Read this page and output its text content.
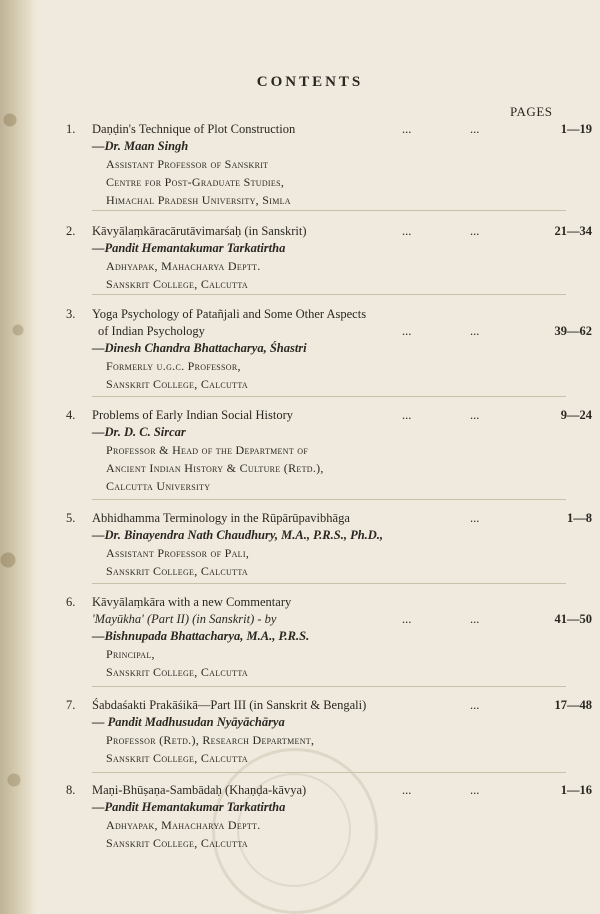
CONTENTS
PAGES
1.	Daṇḍin's Technique of Plot Construction	...	...	1—19
—Dr. Maan Singh
Assistant Professor of Sanskrit
Centre for Post-Graduate Studies,
Himachal Pradesh University, Simla
2.	Kāvyālaṃkāracārutāvimarśaḥ (in Sanskrit)	...	...	21—34
—Pandit Hemantakumar Tarkatirtha
Adhyapak, Mahacharya Deptt.
Sanskrit College, Calcutta
3.	Yoga Psychology of Patañjali and Some Other Aspects
of Indian Psychology	...	...	39—62
—Dinesh Chandra Bhattacharya, Śhastri
Formerly u.g.c. Professor,
Sanskrit College, Calcutta
4.	Problems of Early Indian Social History	...	...	9—24
—Dr. D. C. Sircar
Professor & Head of the Department of
Ancient Indian History & Culture (Retd.),
Calcutta University
5.	Abhidhamma Terminology in the Rūpārūpavibhāga	...	1—8
—Dr. Binayendra Nath Chaudhury, M.A., P.R.S., Ph.D.,
Assistant Professor of Pali,
Sanskrit College, Calcutta
6.	Kāvyālaṃkāra with a new Commentary
'Mayūkha' (Part II) (in Sanskrit) - by	...	...	41—50
—Bishnupada Bhattacharya, M.A., P.R.S.
Principal,
Sanskrit College, Calcutta
7.	Śabdaśakti Prakāśikā—Part III (in Sanskrit & Bengali)	...	17—48
— Pandit Madhusudan Nyāyāchārya
Professor (Retd.), Research Department,
Sanskrit College, Calcutta
8.	Maṇi-Bhūṣaṇa-Sambādaḥ (Khaṇḍa-kāvya)	...	...	1—16
—Pandit Hemantakumar Tarkatirtha
Adhyapak, Mahacharya Deptt.
Sanskrit College, Calcutta
